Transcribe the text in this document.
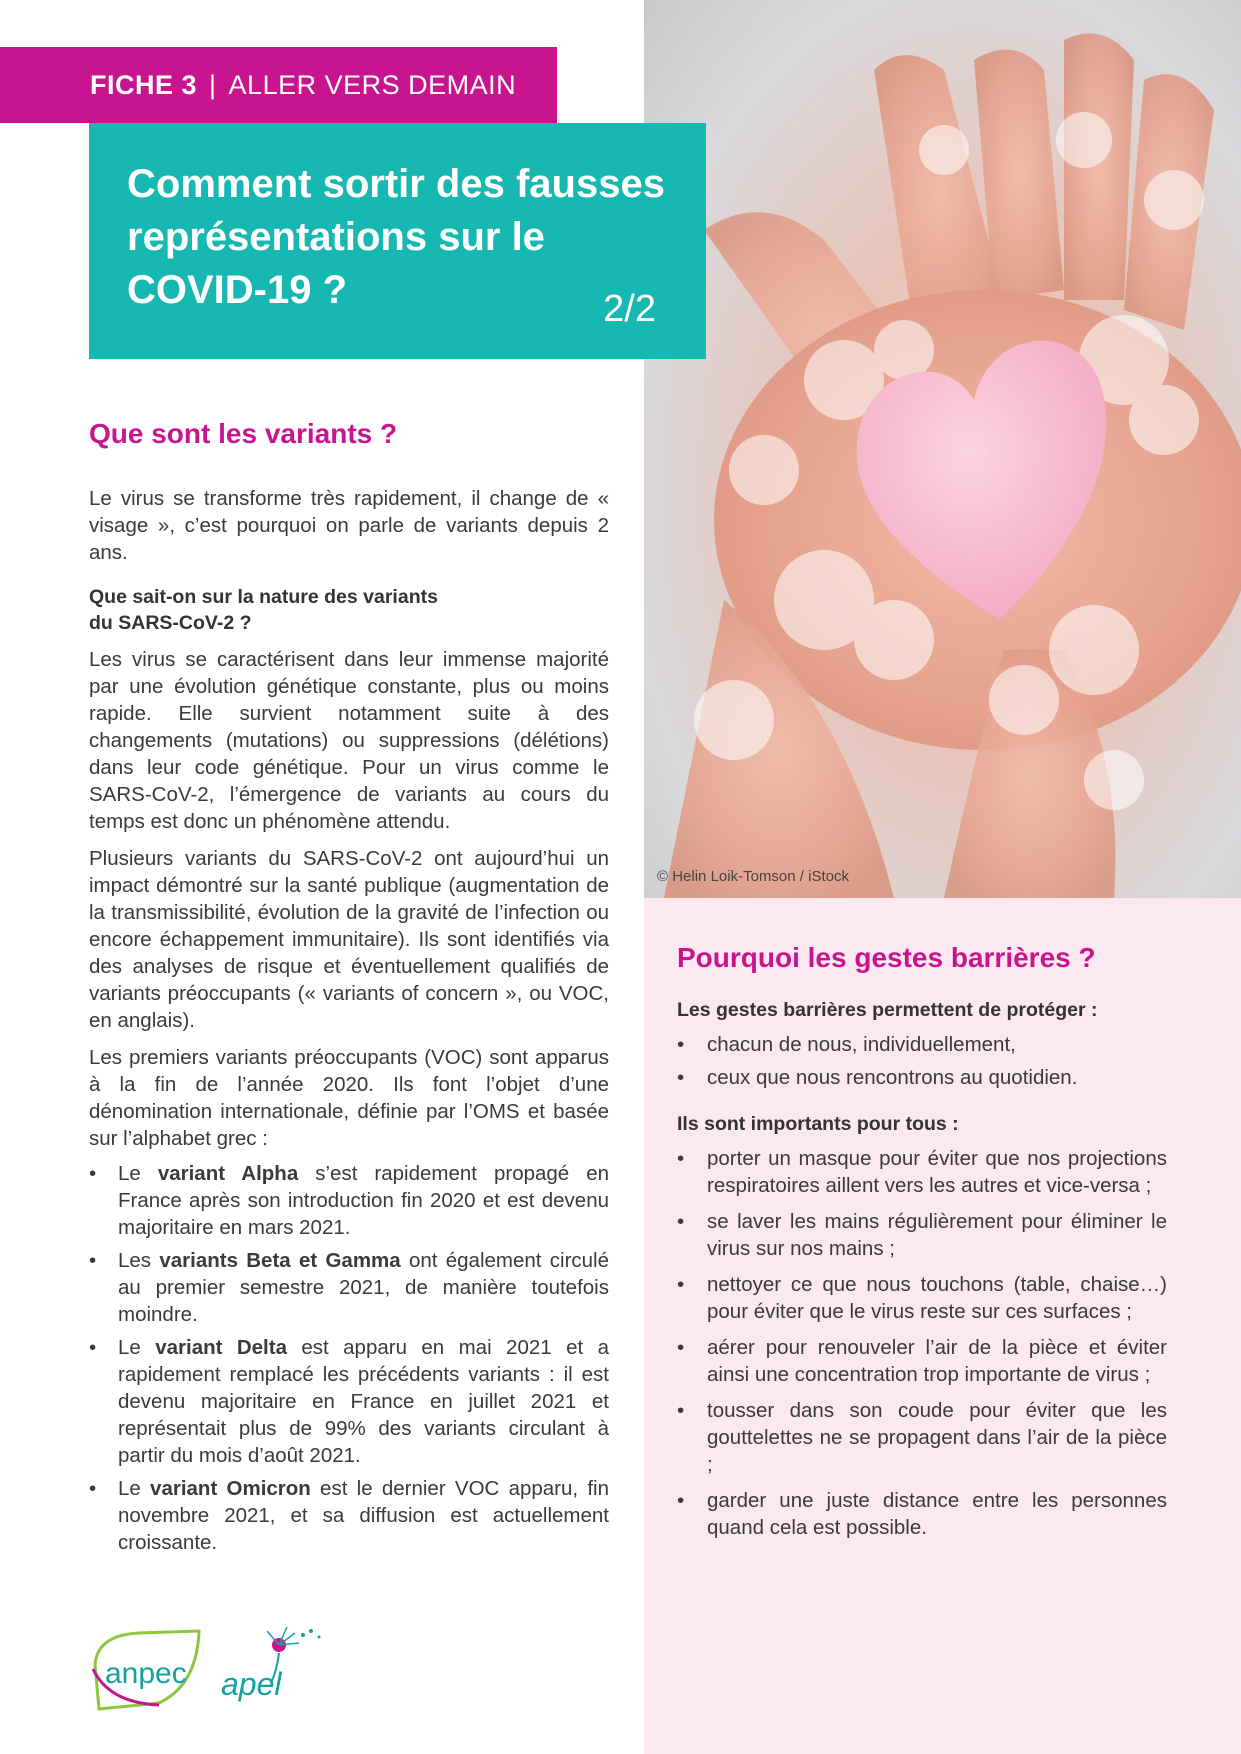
© Helin Loik-Tomson / iStock
FICHE 3 | ALLER VERS DEMAIN
Comment sortir des fausses représentations sur le COVID-19 ?	2/2
Que sont les variants ?

Le virus se transforme très rapidement, il change de « visage », c’est pourquoi on parle de variants depuis 2 ans.

Que sait-on sur la nature des variants
du SARS-CoV-2 ?

Les virus se caractérisent dans leur immense majorité par une évolution génétique constante, plus ou moins rapide. Elle survient notamment suite à des changements (mutations) ou suppressions (délétions) dans leur code génétique. Pour un virus comme le SARS-CoV-2, l’émergence de variants au cours du temps est donc un phénomène attendu.

Plusieurs variants du SARS-CoV-2 ont aujourd’hui un impact démontré sur la santé publique (augmentation de la transmissibilité, évolution de la gravité de l’infection ou encore échappement immunitaire). Ils sont identifiés via des analyses de risque et éventuellement qualifiés de variants préoccupants (« variants of concern », ou VOC, en anglais).

Les premiers variants préoccupants (VOC) sont apparus à la fin de l’année 2020. Ils font l’objet d’une dénomination internationale, définie par l’OMS et basée sur l’alphabet grec :

• Le variant Alpha s’est rapidement propagé en France après son introduction fin 2020 et est devenu majoritaire en mars 2021.
• Les variants Beta et Gamma ont également circulé au premier semestre 2021, de manière toutefois moindre.
• Le variant Delta est apparu en mai 2021 et a rapidement remplacé les précédents variants : il est devenu majoritaire en France en juillet 2021 et représentait plus de 99% des variants circulant à partir du mois d’août 2021.
• Le variant Omicron est le dernier VOC apparu, fin novembre 2021, et sa diffusion est actuellement croissante.
Pourquoi les gestes barrières ?

Les gestes barrières permettent de protéger :

• chacun de nous, individuellement,
• ceux que nous rencontrons au quotidien.

Ils sont importants pour tous :

• porter un masque pour éviter que nos projections respiratoires aillent vers les autres et vice-versa ;
• se laver les mains régulièrement pour éliminer le virus sur nos mains ;
• nettoyer ce que nous touchons (table, chaise…) pour éviter que le virus reste sur ces surfaces ;
• aérer pour renouveler l’air de la pièce et éviter ainsi une concentration trop importante de virus ;
• tousser dans son coude pour éviter que les gouttelettes ne se propagent dans l’air de la pièce ;
• garder une juste distance entre les personnes quand cela est possible.
anpec apel
